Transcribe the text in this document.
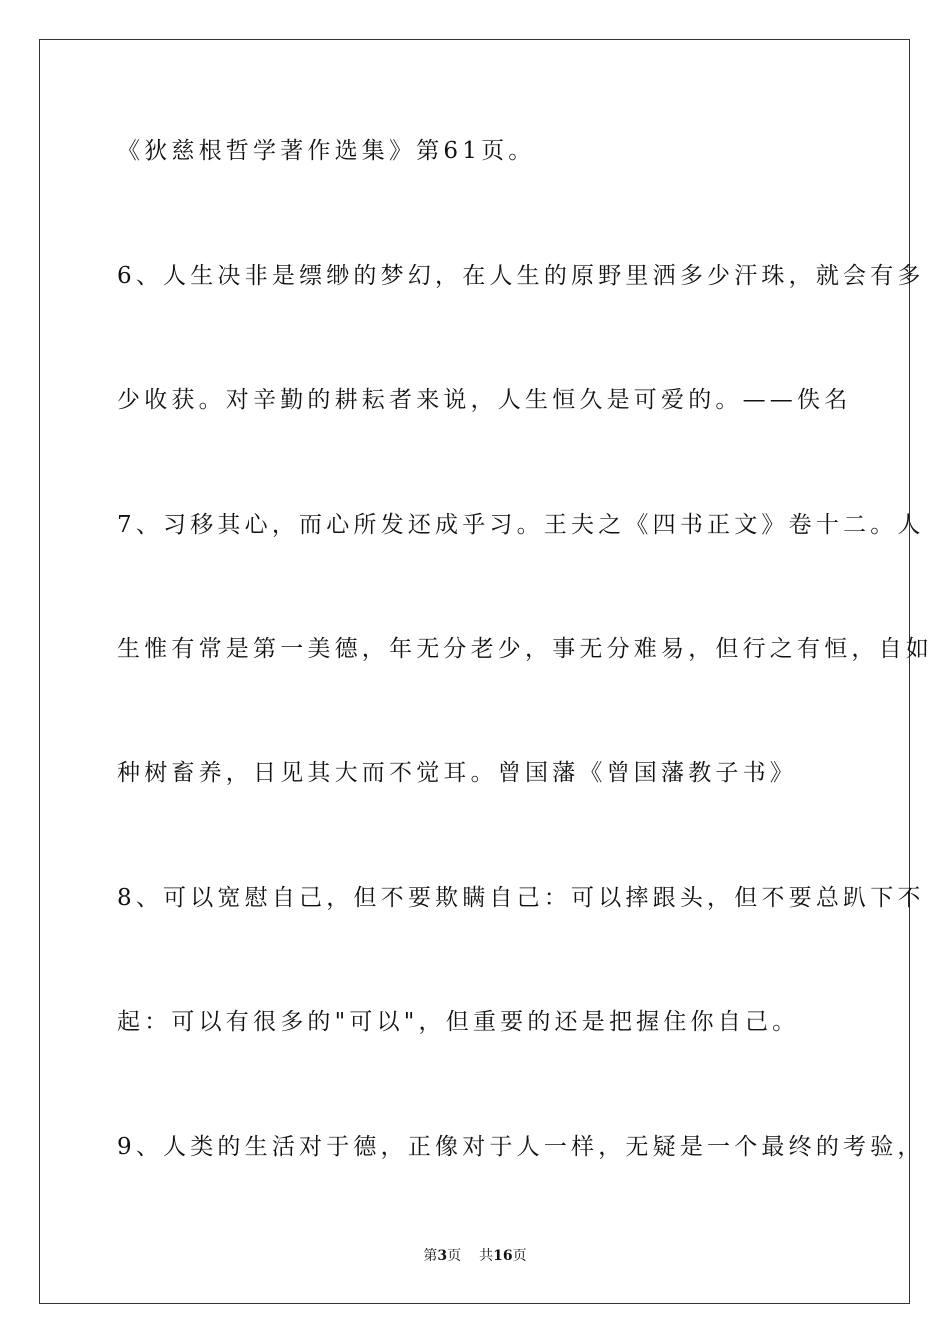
《狄慈根哲学著作选集》第61页。
6、人生决非是缥缈的梦幻，在人生的原野里洒多少汗珠，就会有多
少收获。对辛勤的耕耘者来说，人生恒久是可爱的。——佚名
7、习移其心，而心所发还成乎习。王夫之《四书正文》卷十二。人
生惟有常是第一美德，年无分老少，事无分难易，但行之有恒，自如
种树畜养，日见其大而不觉耳。曾国藩《曾国藩教子书》
8、可以宽慰自己，但不要欺瞒自己：可以摔跟头，但不要总趴下不
起：可以有很多的"可以"，但重要的还是把握住你自己。
9、人类的生活对于德，正像对于人一样，无疑是一个最终的考验，
第3页 共16页
